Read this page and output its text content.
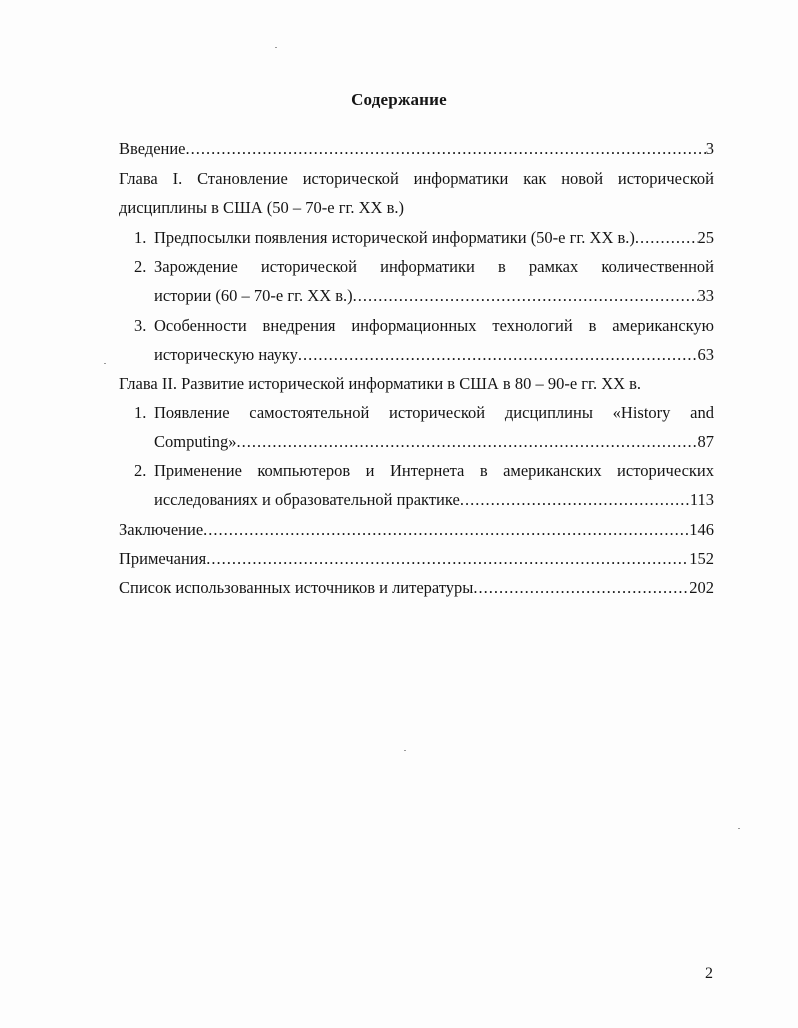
Содержание
Введение .....	3
Глава I. Становление исторической информатики как новой исторической
дисциплины в США (50 – 70-е гг. XX в.)
1. Предпосылки появления исторической информатики (50-е гг. XX в.) .....	25
2. Зарождение исторической информатики в рамках количественной
истории (60 – 70-е гг. XX в.) .....	33
3. Особенности внедрения информационных технологий в американскую
историческую науку .....	63
Глава II. Развитие исторической информатики в США в 80 – 90-е гг. XX в.
1. Появление самостоятельной исторической дисциплины «History and
Computing» .....	87
2. Применение компьютеров и Интернета в американских исторических
исследованиях и образовательной практике .....	113
Заключение .....	146
Примечания .....	152
Список использованных источников и литературы .....	202
2
